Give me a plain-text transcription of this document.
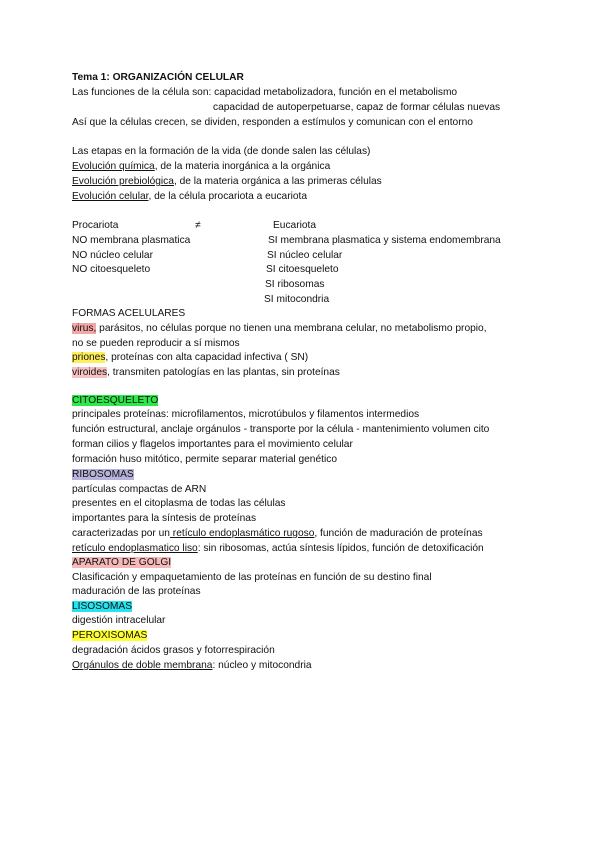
Tema 1: ORGANIZACIÓN CELULAR
Las funciones de la célula son: capacidad metabolizadora, función en el metabolismo
capacidad de autoperpetuarse, capaz de formar células nuevas
Así que la células crecen, se dividen, responden a estímulos y comunican con el entorno
Las etapas en la formación de la vida (de donde salen las células)
Evolución química, de la materia inorgánica a la orgánica
Evolución prebiológica, de la materia orgánica a las primeras células
Evolución celular, de la célula procariota a eucariota
Procariota	≠	Eucariota
NO membrana plasmatica
NO núcleo celular
NO citoesqueleto
SI membrana plasmatica y sistema endomembrana
SI núcleo celular
SI citoesqueleto
SI ribosomas
SI mitocondria
FORMAS ACELULARES
virus, parásitos, no células porque no tienen una membrana celular, no metabolismo propio,
no se pueden reproducir a sí mismos
priones, proteínas con alta capacidad infectiva ( SN)
viroides, transmiten patologías en las plantas, sin proteínas
CITOESQUELETO
principales proteínas: microfilamentos, microtúbulos y filamentos intermedios
función estructural, anclaje orgánulos - transporte por la célula - mantenimiento volumen cito
forman cilios y flagelos importantes para el movimiento celular
formación huso mitótico, permite separar material genético
RIBOSOMAS
partículas compactas de ARN
presentes en el citoplasma de todas las células
importantes para la síntesis de proteínas
caracterizadas por un retículo endoplasmático rugoso, función de maduración de proteínas
retículo endoplasmatico liso: sin ribosomas, actúa síntesis lípidos, función de detoxificación
APARATO DE GOLGI
Clasificación y empaquetamiento de las proteínas en función de su destino final
maduración de las proteínas
LISOSOMAS
digestión intracelular
PEROXISOMAS
degradación ácidos grasos y fotorrespiración
Orgánulos de doble membrana: núcleo y mitocondria
